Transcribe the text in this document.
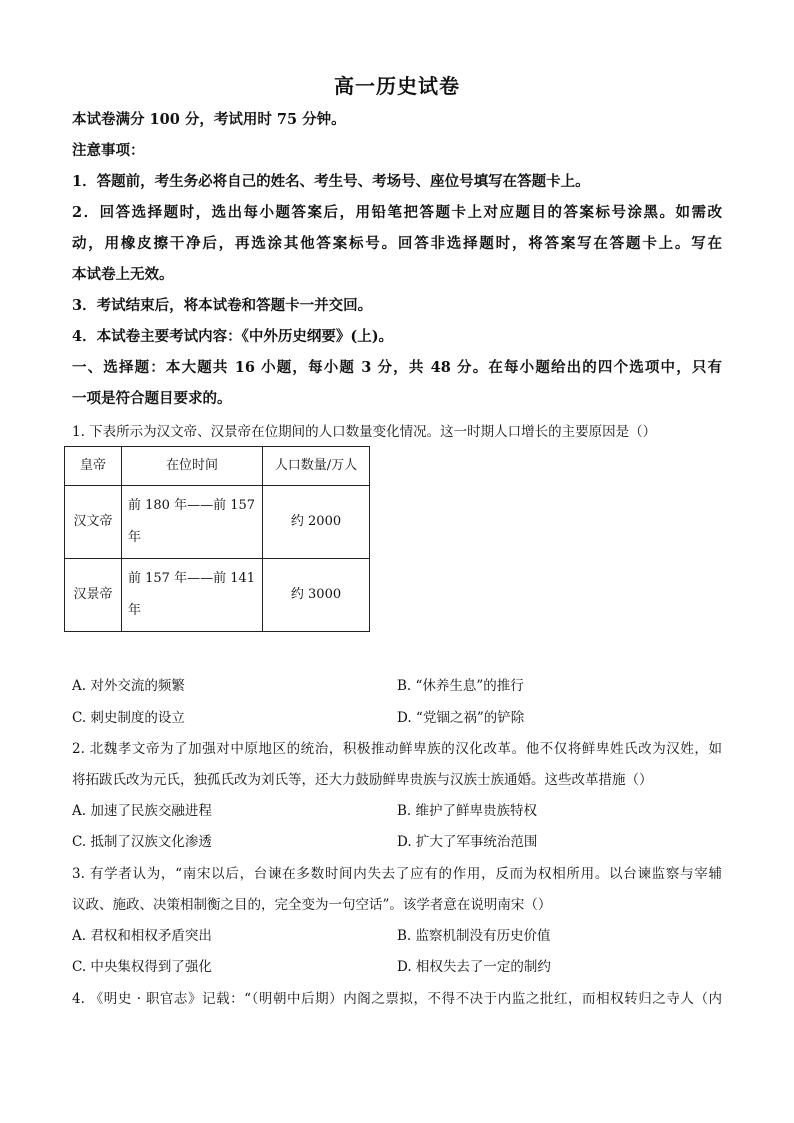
高一历史试卷
本试卷满分 100 分，考试用时 75 分钟。
注意事项：
1．答题前，考生务必将自己的姓名、考生号、考场号、座位号填写在答题卡上。
2．回答选择题时，选出每小题答案后，用铅笔把答题卡上对应题目的答案标号涂黑。如需改
动，用橡皮擦干净后，再选涂其他答案标号。回答非选择题时，将答案写在答题卡上。写在
本试卷上无效。
3．考试结束后，将本试卷和答题卡一并交回。
4．本试卷主要考试内容：《中外历史纲要》(上)。
一、选择题：本大题共 16 小题，每小题 3 分，共 48 分。在每小题给出的四个选项中，只有
一项是符合题目要求的。
1. 下表所示为汉文帝、汉景帝在位期间的人口数量变化情况。这一时期人口增长的主要原因是（）
皇帝	在位时间	人口数量/万人
汉文帝	前 180 年——前 157 年	约 2000
汉景帝	前 157 年——前 141 年	约 3000
A. 对外交流的频繁	B. “休养生息”的推行
C. 刺史制度的设立	D. “党锢之祸”的铲除
2. 北魏孝文帝为了加强对中原地区的统治，积极推动鲜卑族的汉化改革。他不仅将鲜卑姓氏改为汉姓，如
将拓跋氏改为元氏，独孤氏改为刘氏等，还大力鼓励鲜卑贵族与汉族士族通婚。这些改革措施（）
A. 加速了民族交融进程	B. 维护了鲜卑贵族特权
C. 抵制了汉族文化渗透	D. 扩大了军事统治范围
3. 有学者认为，“南宋以后，台谏在多数时间内失去了应有的作用，反而为权相所用。以台谏监察与宰辅
议政、施政、决策相制衡之目的，完全变为一句空话”。该学者意在说明南宋（）
A. 君权和相权矛盾突出	B. 监察机制没有历史价值
C. 中央集权得到了强化	D. 相权失去了一定的制约
4. 《明史 · 职官志》记载：“（明朝中后期）内阁之票拟，不得不决于内监之批红，而相权转归之寺人（内
